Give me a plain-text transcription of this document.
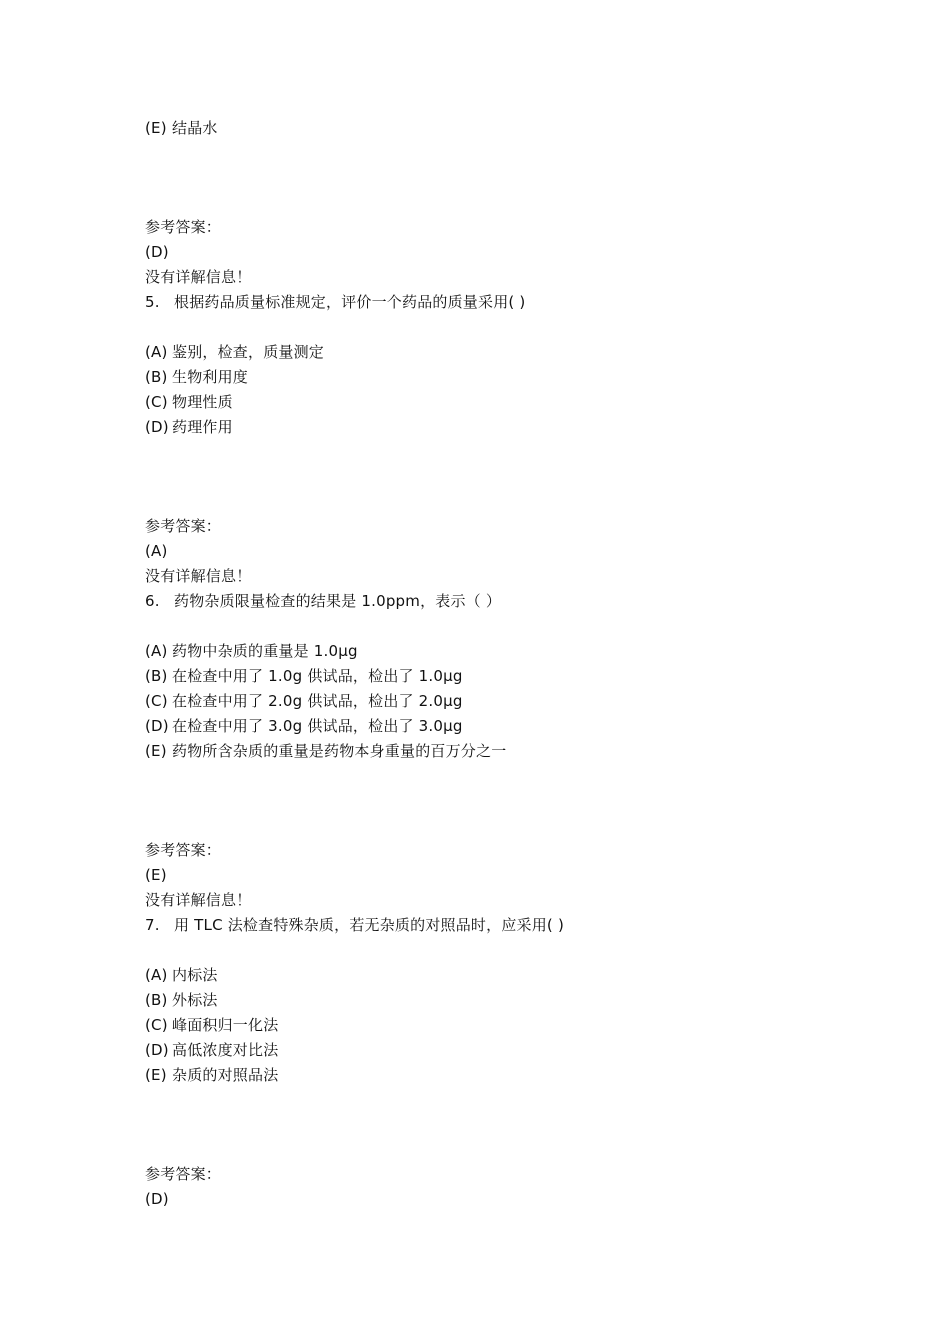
(E) 结晶水
参考答案：
(D)
没有详解信息！
5. 根据药品质量标准规定，评价一个药品的质量采用( )
(A) 鉴别，检查，质量测定
(B) 生物利用度
(C) 物理性质
(D) 药理作用
参考答案：
(A)
没有详解信息！
6. 药物杂质限量检查的结果是 1.0ppm，表示（ ）
(A) 药物中杂质的重量是 1.0μg
(B) 在检查中用了 1.0g 供试品，检出了 1.0μg
(C) 在检查中用了 2.0g 供试品，检出了 2.0μg
(D) 在检查中用了 3.0g 供试品，检出了 3.0μg
(E) 药物所含杂质的重量是药物本身重量的百万分之一
参考答案：
(E)
没有详解信息！
7. 用 TLC 法检查特殊杂质，若无杂质的对照品时，应采用( )
(A) 内标法
(B) 外标法
(C) 峰面积归一化法
(D) 高低浓度对比法
(E) 杂质的对照品法
参考答案：
(D)
